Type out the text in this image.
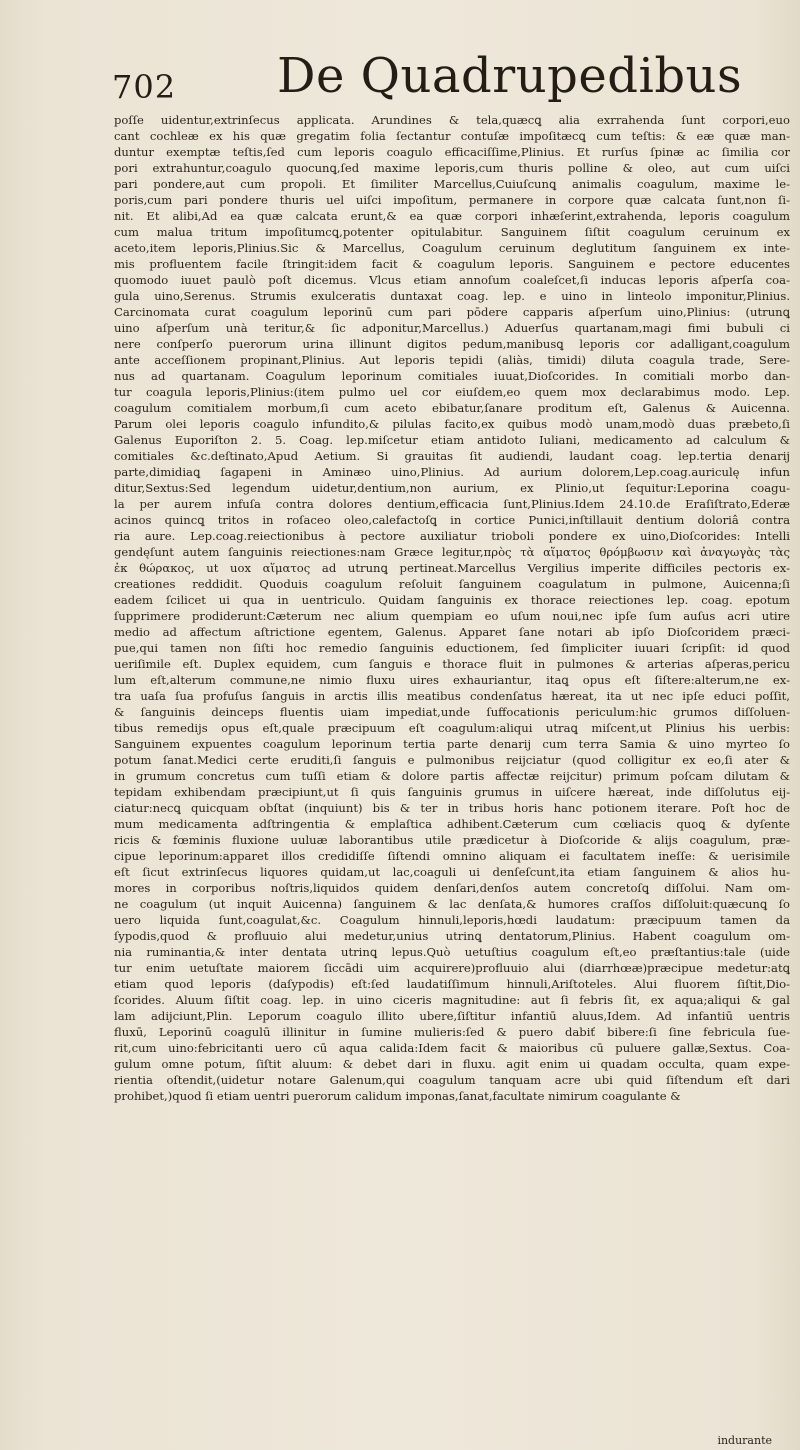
702 De Quadrupedibus
poſſe uidentur,extrinſecus applicata. Arundines & tela,quæcꝗ alia exrrahenda ſunt corpori,euo
cant cochleæ ex his quæ gregatim folia ſectantur contuſæ impoſitæcꝗ cum teſtis: & eæ quæ man-
duntur exemptæ teſtis,ſed cum leporis coagulo efficaciſſime,Plinius. Et rurſus ſpinæ ac ſimilia cor
pori extrahuntur,coagulo quocunꝗ,ſed maxime leporis,cum thuris polline & oleo, aut cum uiſci
pari pondere,aut cum propoli. Et ſimiliter Marcellus,Cuiuſcunꝗ animalis coagulum, maxime le-
poris,cum pari pondere thuris uel uiſci impoſitum, permanere in corpore quæ calcata ſunt,non ſi-
nit. Et alibi,Ad ea quæ calcata erunt,& ea quæ corpori inhæſerint,extrahenda, leporis coagulum
cum malua tritum impoſitumcꝗ,potenter opitulabitur. Sanguinem ſiſtit coagulum ceruinum ex
aceto,item leporis,Plinius.Sic & Marcellus, Coagulum ceruinum deglutitum ſanguinem ex inte-
mis profluentem facile ſtringit:idem facit & coagulum leporis. Sanguinem e pectore educentes
quomodo iuuet paulò poſt dicemus. Vlcus etiam annoſum coaleſcet,ſi inducas leporis aſperſa coa-
gula uino,Serenus. Strumis exulceratis duntaxat coag. lep. e uino in linteolo imponitur,Plinius.
Carcinomata curat coagulum leporinū cum pari pōdere capparis aſperſum uino,Plinius: (utrunꝗ
uino aſperſum unà teritur,& ſic adponitur,Marcellus.) Aduerſus quartanam,magi fimi bubuli ci
nere conſperſo puerorum urina illinunt digitos pedum,manibusꝗ leporis cor adalligant,coagulum
ante acceſſionem propinant,Plinius. Aut leporis tepidi (aliàs, timidi) diluta coagula trade, Sere-
nus ad quartanam. Coagulum leporinum comitiales iuuat,Dioſcorides. In comitiali morbo dan-
tur coagula leporis,Plinius:(item pulmo uel cor eiuſdem,eo quem mox declarabimus modo. Lep.
coagulum comitialem morbum,ſi cum aceto ebibatur,ſanare proditum eſt, Galenus & Auicenna.
Parum olei leporis coagulo infundito,& pilulas facito,ex quibus modò unam,modò duas præbeto,ſi
Galenus Euporiſton 2. 5. Coag. lep.miſcetur etiam antidoto Iuliani, medicamento ad calculum &
comitiales &c.deſtinato,Apud Aetium. Si grauitas ſit audiendi, laudant coag. lep.tertia denarij
parte,dimidiaꝗ ſagapeni in Aminæo uino,Plinius. Ad aurium dolorem,Lep.coag.auriculę infun
ditur,Sextus:Sed legendum uidetur,dentium,non aurium, ex Plinio,ut ſequitur:Leporina coagu-
la per aurem infuſa contra dolores dentium,efficacia ſunt,Plinius.Idem 24.10.de Eraſiſtrato,Ederæ
acinos quincꝗ tritos in roſaceo oleo,calefactoſꝗ in cortice Punici,inſtillauit dentium doloriâ contra
ria aure. Lep.coag.reiectionibus à pectore auxiliatur trioboli pondere ex uino,Dioſcorides: Intelli
gendęſunt autem ſanguinis reiectiones:nam Græce legitur,πρὸς τὰ αἵματος θρόμβωσιν καὶ ἀναγωγὰς τὰς
ἐκ θώρακος, ut uox αἵματος ad utrunꝗ pertineat.Marcellus Vergilius imperite difficiles pectoris ex-
creationes reddidit. Quoduis coagulum reſoluit ſanguinem coagulatum in pulmone, Auicenna;ſi
eadem ſcilicet ui qua in uentriculo. Quidam ſanguinis ex thorace reiectiones lep. coag. epotum
ſupprimere prodiderunt:Cæterum nec alium quempiam eo uſum noui,nec ipſe ſum auſus acri utire
medio ad affectum aſtrictione egentem, Galenus. Apparet ſane notari ab ipſo Dioſcoridem præci-
pue,qui tamen non ſiſti hoc remedio ſanguinis eductionem, ſed ſimpliciter iuuari ſcripſit: id quod
ueriſimile eſt. Duplex equidem, cum ſanguis e thorace fluit in pulmones & arterias aſperas,pericu
lum eſt,alterum commune,ne nimio fluxu uires exhauriantur, itaꝗ opus eſt ſiſtere:alterum,ne ex-
tra uaſa ſua profuſus ſanguis in arctis illis meatibus condenſatus hæreat, ita ut nec ipſe educi poſſit,
& ſanguinis deinceps fluentis uiam impediat,unde ſuffocationis periculum:hic grumos diſſoluen-
tibus remedijs opus eſt,quale præcipuum eſt coagulum:aliqui utraꝗ miſcent,ut Plinius his uerbis:
Sanguinem expuentes coagulum leporinum tertia parte denarij cum terra Samia & uino myrteo ſo
potum ſanat.Medici certe eruditi,ſi ſanguis e pulmonibus reijciatur (quod colligitur ex eo,ſi ater &
in grumum concretus cum tuſſi etiam & dolore partis affectæ reijcitur) primum poſcam dilutam &
tepidam exhibendam præcipiunt,ut ſi quis ſanguinis grumus in uiſcere hæreat, inde diſſolutus eij-
ciatur:necꝗ quicquam obſtat (inquiunt) bis & ter in tribus horis hanc potionem iterare. Poſt hoc de
mum medicamenta adſtringentia & emplaſtica adhibent.Cæterum cum cœliacis quoꝗ & dyſente
ricis & fœminis fluxione uuluæ laborantibus utile prædicetur à Dioſcoride & alijs coagulum, præ-
cipue leporinum:apparet illos credidiſſe ſiſtendi omnino aliquam ei facultatem ineſſe: & uerisimile
eſt ſicut extrinſecus liquores quidam,ut lac,coaguli ui denſeſcunt,ita etiam ſanguinem & alios hu-
mores in corporibus noſtris,liquidos quidem denſari,denſos autem concretoſꝗ diſſolui. Nam om-
ne coagulum (ut inquit Auicenna) ſanguinem & lac denſata,& humores craſſos diſſoluit:quæcunꝗ ſo
uero liquida ſunt,coagulat,&c. Coagulum hinnuli,leporis,hœdi laudatum: præcipuum tamen da
ſypodis,quod & profluuio alui medetur,unius utrinꝗ dentatorum,Plinius. Habent coagulum om-
nia ruminantia,& inter dentata utrinꝗ lepus.Quò uetuſtius coagulum eſt,eo præſtantius:tale (uide
tur enim uetuſtate maiorem ſiccādi uim acquirere)profluuio alui (diarrhœæ)præcipue medetur:atꝗ
etiam quod leporis (daſypodis) eſt:ſed laudatiſſimum hinnuli,Ariſtoteles. Alui fluorem ſiſtit,Dio-
ſcorides. Aluum ſiſtit coag. lep. in uino ciceris magnitudine: aut ſi febris ſit, ex aqua;aliqui & gal
lam adijciunt,Plin. Leporum coagulo illito ubere,ſiſtitur infantiū aluus,Idem. Ad infantiū uentris
fluxū, Leporinū coagulū illinitur in ſumine mulieris:ſed & puero dabiť bibere:ſi ſine febricula ſue-
rit,cum uino:febricitanti uero cū aqua calida:Idem facit & maioribus cū puluere gallæ,Sextus. Coa-
gulum omne potum, ſiſtit aluum: & debet dari in fluxu. agit enim ui quadam occulta, quam expe-
rientia oſtendit,(uidetur notare Galenum,qui coagulum tanquam acre ubi quid ſiſtendum eſt dari
prohibet,)quod ſi etiam uentri puerorum calidum imponas,ſanat,facultate nimirum coagulante &
indurante
